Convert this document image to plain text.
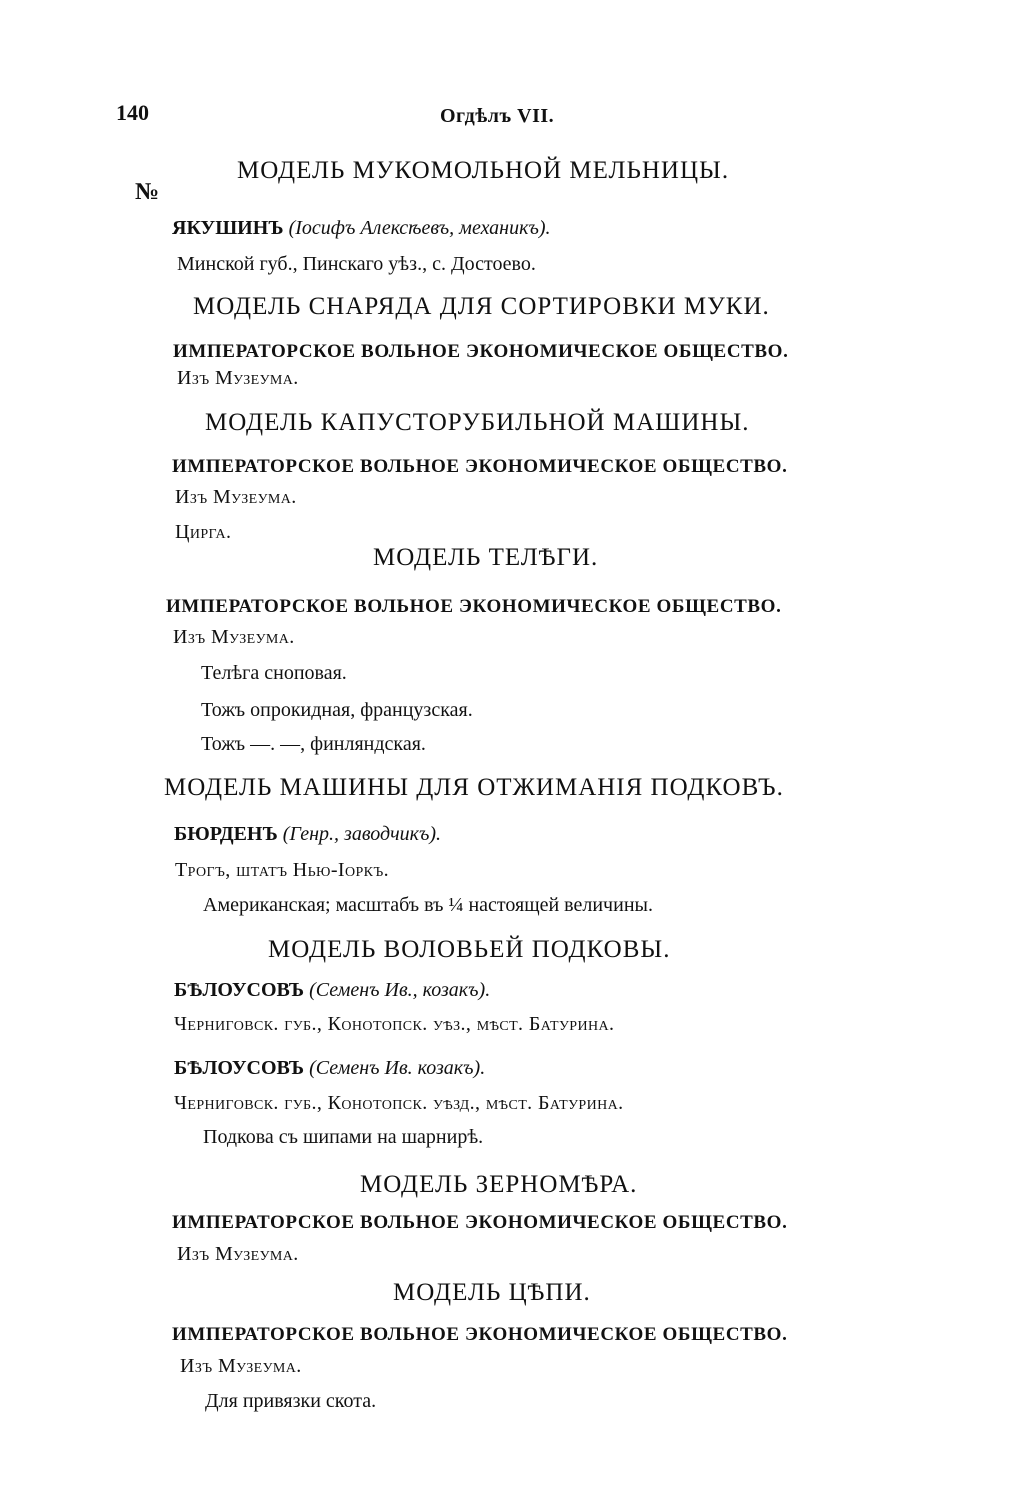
140	Огдѣлъ VII.
№
МОДЕЛЬ МУКОМОЛЬНОЙ МЕЛЬНИЦЫ.
ЯКУШИНЪ (Іосифъ Алексѣевъ, механикъ).
Минской губ., Пинскаго уѣз., с. Достоево.
МОДЕЛЬ СНАРЯДА ДЛЯ СОРТИРОВКИ МУКИ.
ИМПЕРАТОРСКОЕ ВОЛЬНОЕ ЭКОНОМИЧЕСКОЕ ОБЩЕСТВО.
Изъ Музеума.
МОДЕЛЬ КАПУСТОРУБИЛЬНОЙ МАШИНЫ.
ИМПЕРАТОРСКОЕ ВОЛЬНОЕ ЭКОНОМИЧЕСКОЕ ОБЩЕСТВО.
Изъ Музеума.
Цирга.
МОДЕЛЬ ТЕЛѢГИ.
ИМПЕРАТОРСКОЕ ВОЛЬНОЕ ЭКОНОМИЧЕСКОЕ ОБЩЕСТВО.
Изъ Музеума.
Телѣга сноповая.
Тожъ опрокидная, французская.
Тожъ —. —, финляндская.
МОДЕЛЬ МАШИНЫ ДЛЯ ОТЖИМАНІЯ ПОДКОВЪ.
БЮРДЕНЪ (Генр., заводчикъ).
Трогъ, штатъ Нью-Іоркъ.
Американская; масштабъ въ ¼ настоящей величины.
МОДЕЛЬ ВОЛОВЬЕЙ ПОДКОВЫ.
БѢЛОУСОВЪ (Семенъ Ив., козакъ).
Черниговск. губ., Конотопск. уѣз., мѣст. Батурина.
БѢЛОУСОВЪ (Семенъ Ив. козакъ).
Черниговск. губ., Конотопск. уѣзд., мѣст. Батурина.
Подкова съ шипами на шарнирѣ.
МОДЕЛЬ ЗЕРНОМѢРА.
ИМПЕРАТОРСКОЕ ВОЛЬНОЕ ЭКОНОМИЧЕСКОЕ ОБЩЕСТВО.
Изъ Музеума.
МОДЕЛЬ ЦѢПИ.
ИМПЕРАТОРСКОЕ ВОЛЬНОЕ ЭКОНОМИЧЕСКОЕ ОБЩЕСТВО.
Изъ Музеума.
Для привязки скота.
